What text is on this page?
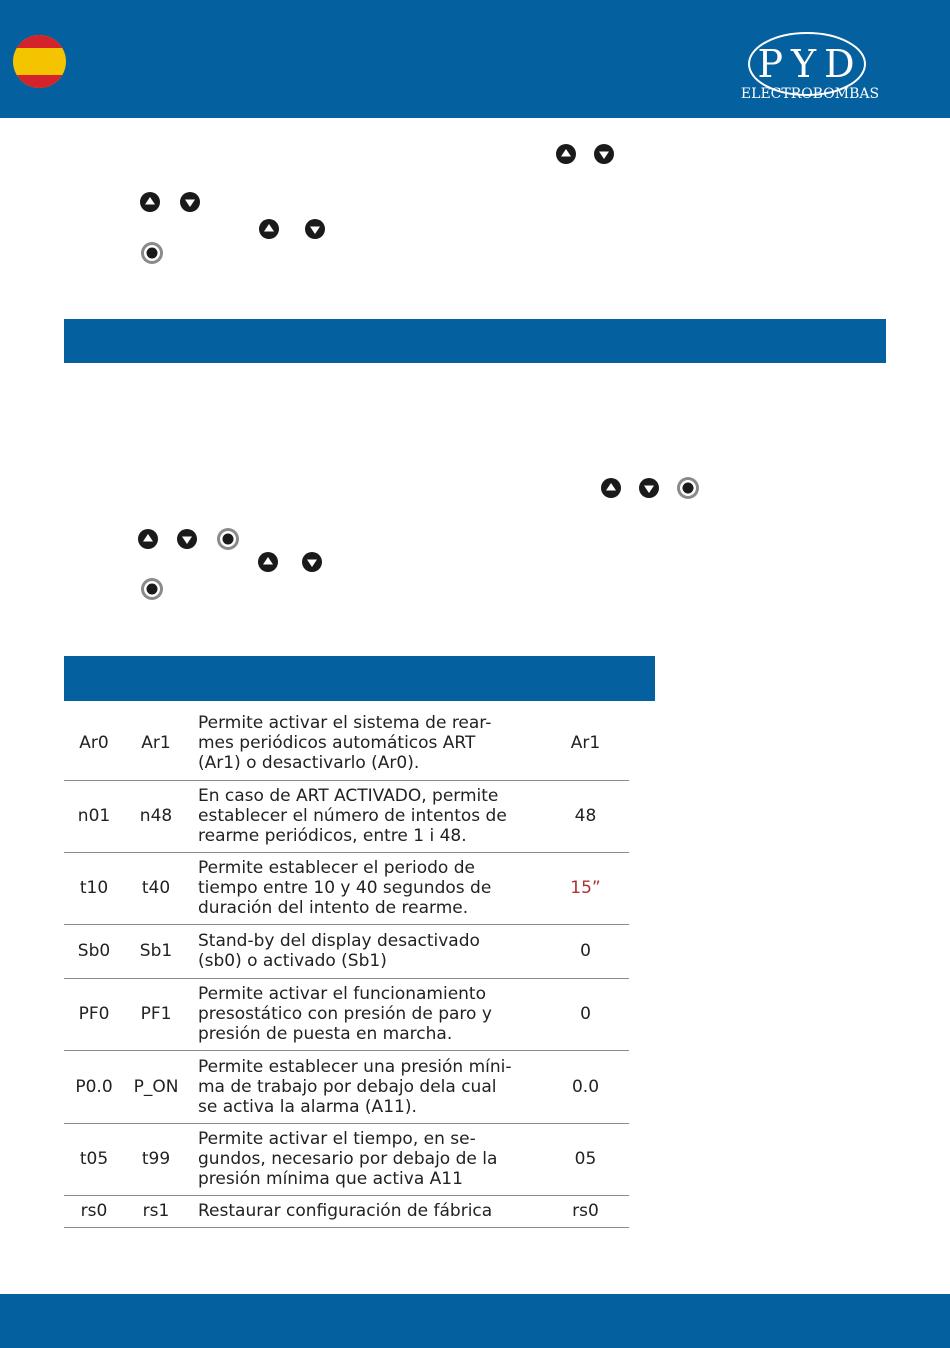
PYD
ELECTROBOMBAS
Ar0	Ar1	Permite activar el sistema de rear-
mes periódicos automáticos ART
(Ar1) o desactivarlo (Ar0).	Ar1
n01	n48	En caso de ART ACTIVADO, permite
establecer el número de intentos de
rearme periódicos, entre 1 i 48.	48
t10	t40	Permite establecer el periodo de
tiempo entre 10 y 40 segundos de
duración del intento de rearme.	15”
Sb0	Sb1	Stand-by del display desactivado
(sb0) o activado (Sb1)	0
PF0	PF1	Permite activar el funcionamiento
presostático con presión de paro y
presión de puesta en marcha.	0
P0.0	P_ON	Permite establecer una presión míni-
ma de trabajo por debajo dela cual
se activa la alarma (A11).	0.0
t05	t99	Permite activar el tiempo, en se-
gundos, necesario por debajo de la
presión mínima que activa A11	05
rs0	rs1	Restaurar configuración de fábrica	rs0
